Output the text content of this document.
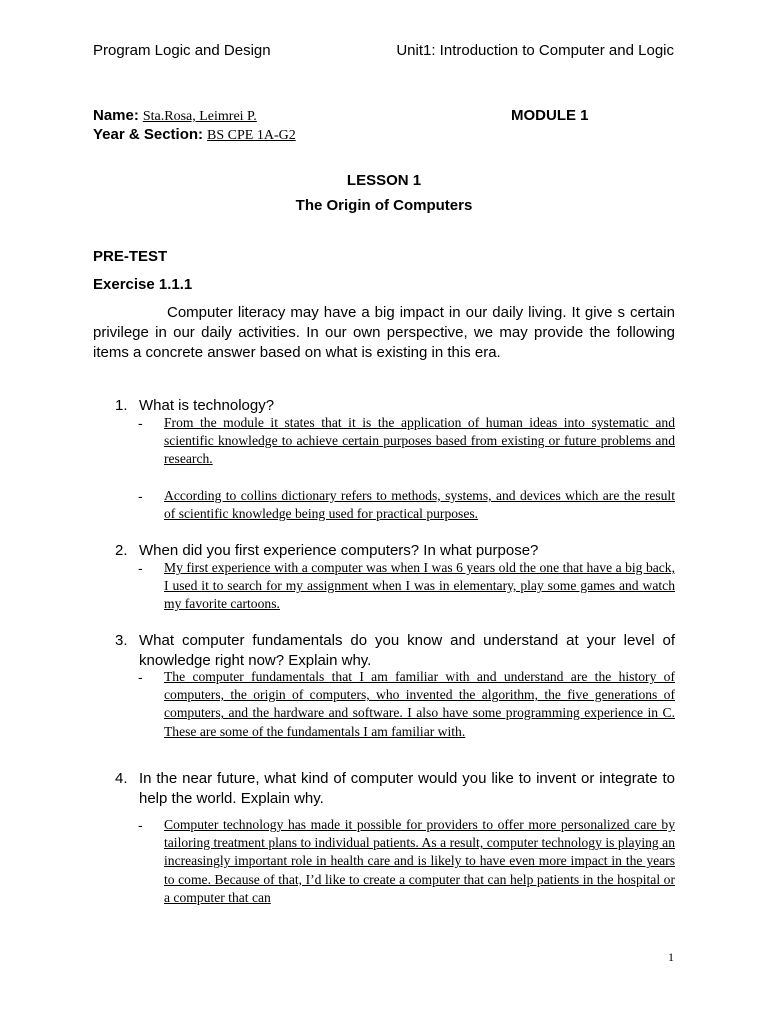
Program Logic and Design	Unit1: Introduction to Computer and Logic
Name: Sta.Rosa, Leimrei P.
Year & Section: BS CPE 1A-G2
MODULE 1
LESSON 1
The Origin of Computers
PRE-TEST
Exercise 1.1.1
Computer literacy may have a big impact in our daily living. It give s certain privilege in our daily activities. In our own perspective, we may provide the following items a concrete answer based on what is existing in this era.
1. What is technology?
- From the module it states that it is the application of human ideas into systematic and scientific knowledge to achieve certain purposes based from existing or future problems and research.
- According to collins dictionary refers to methods, systems, and devices which are the result of scientific knowledge being used for practical purposes.
2. When did you first experience computers? In what purpose?
- My first experience with a computer was when I was 6 years old the one that have a big back, I used it to search for my assignment when I was in elementary, play some games and watch my favorite cartoons.
3. What computer fundamentals do you know and understand at your level of knowledge right now? Explain why.
- The computer fundamentals that I am familiar with and understand are the history of computers, the origin of computers, who invented the algorithm, the five generations of computers, and the hardware and software. I also have some programming experience in C. These are some of the fundamentals I am familiar with.
4. In the near future, what kind of computer would you like to invent or integrate to help the world. Explain why.
- Computer technology has made it possible for providers to offer more personalized care by tailoring treatment plans to individual patients. As a result, computer technology is playing an increasingly important role in health care and is likely to have even more impact in the years to come. Because of that, I’d like to create a computer that can help patients in the hospital or a computer that can
1
